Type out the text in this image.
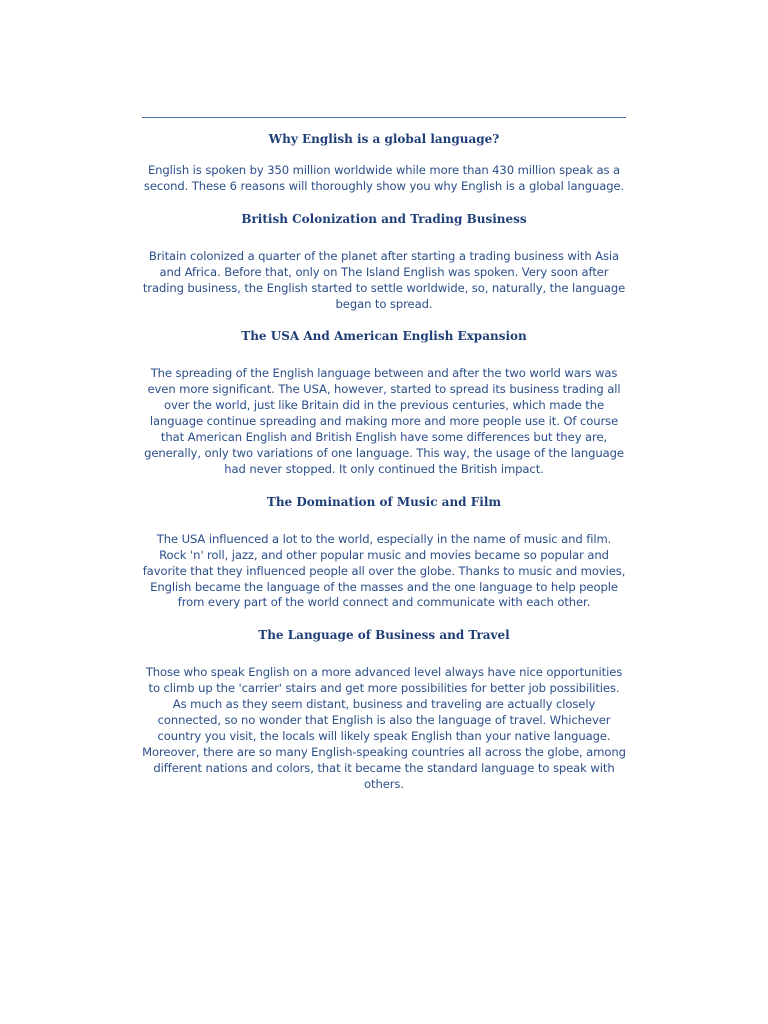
Why English is a global language?

English is spoken by 350 million worldwide while more than 430 million speak as a second. These 6 reasons will thoroughly show you why English is a global language.

British Colonization and Trading Business

Britain colonized a quarter of the planet after starting a trading business with Asia and Africa. Before that, only on The Island English was spoken. Very soon after trading business, the English started to settle worldwide, so, naturally, the language began to spread.

The USA And American English Expansion

The spreading of the English language between and after the two world wars was even more significant. The USA, however, started to spread its business trading all over the world, just like Britain did in the previous centuries, which made the language continue spreading and making more and more people use it. Of course that American English and British English have some differences but they are, generally, only two variations of one language. This way, the usage of the language had never stopped. It only continued the British impact.

The Domination of Music and Film

The USA influenced a lot to the world, especially in the name of music and film. Rock 'n' roll, jazz, and other popular music and movies became so popular and favorite that they influenced people all over the globe. Thanks to music and movies, English became the language of the masses and the one language to help people from every part of the world connect and communicate with each other.

The Language of Business and Travel

Those who speak English on a more advanced level always have nice opportunities to climb up the 'carrier' stairs and get more possibilities for better job possibilities. As much as they seem distant, business and traveling are actually closely connected, so no wonder that English is also the language of travel. Whichever country you visit, the locals will likely speak English than your native language. Moreover, there are so many English-speaking countries all across the globe, among different nations and colors, that it became the standard language to speak with others.
